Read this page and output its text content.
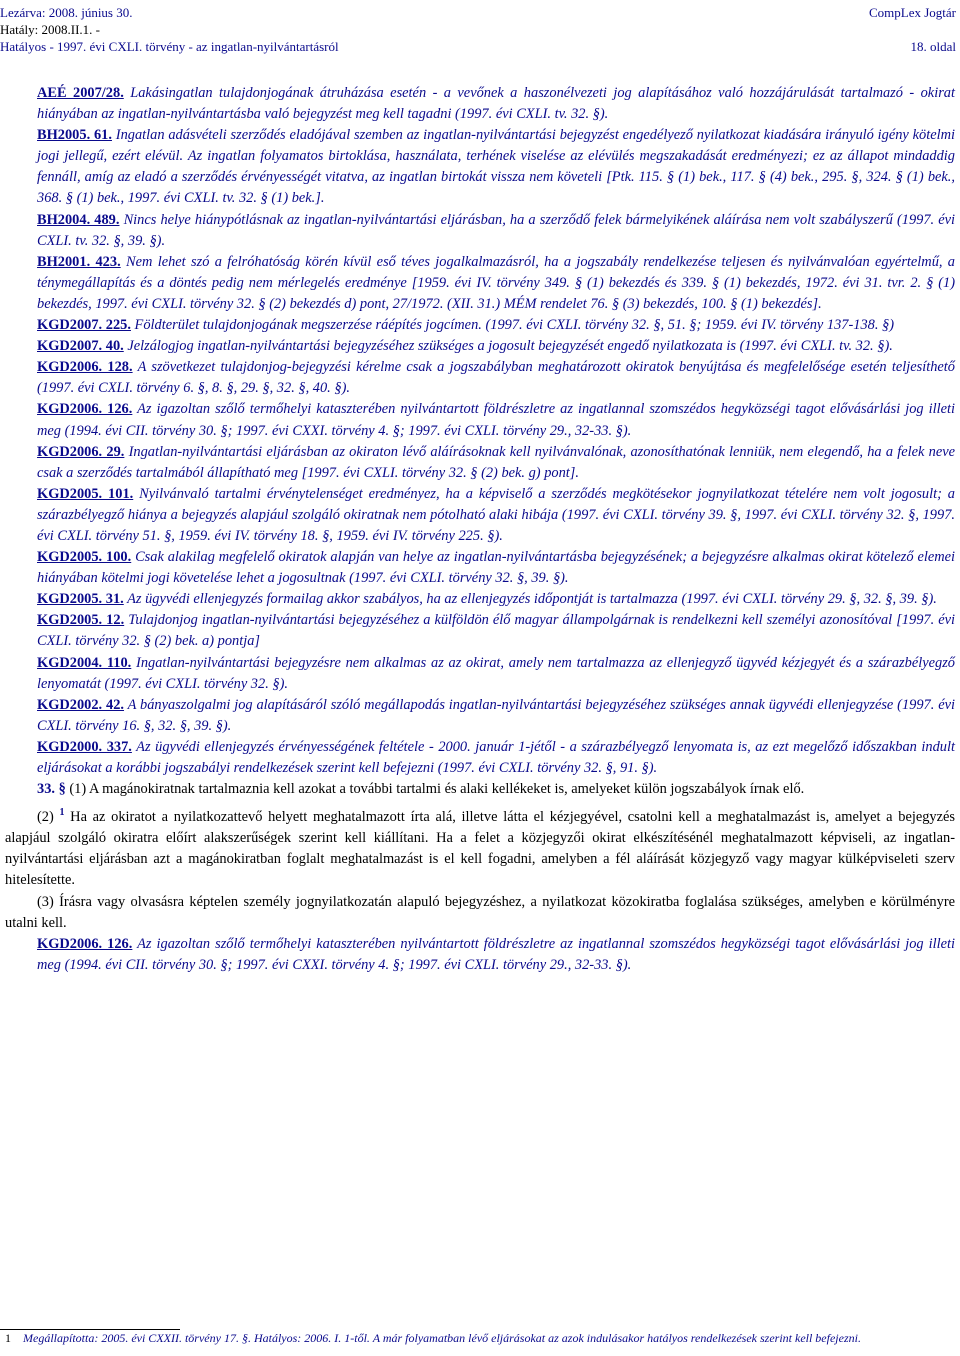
Lezárva: 2008. június 30.
Hatály: 2008.II.1. -
Hatályos - 1997. évi CXLI. törvény - az ingatlan-nyilvántartásról
CompLex Jogtár

18. oldal

AEÉ 2007/28. Lakásingatlan tulajdonjogának átruházása esetén - a vevőnek a haszonélvezeti jog alapításához való hozzájárulását tartalmazó - okirat hiányában az ingatlan-nyilvántartásba való bejegyzést meg kell tagadni (1997. évi CXLI. tv. 32. §).

BH2005. 61. Ingatlan adásvételi szerződés eladójával szemben az ingatlan-nyilvántartási bejegyzést engedélyező nyilatkozat kiadására irányuló igény kötelmi jogi jellegű, ezért elévül. Az ingatlan folyamatos birtoklása, használata, terhének viselése az elévülés megszakadását eredményezi; ez az állapot mindaddig fennáll, amíg az eladó a szerződés érvényességét vitatva, az ingatlan birtokát vissza nem követeli [Ptk. 115. § (1) bek., 117. § (4) bek., 295. §, 324. § (1) bek., 368. § (1) bek., 1997. évi CXLI. tv. 32. § (1) bek.].

BH2004. 489. Nincs helye hiánypótlásnak az ingatlan-nyilvántartási eljárásban, ha a szerződő felek bármelyikének aláírása nem volt szabályszerű (1997. évi CXLI. tv. 32. §, 39. §).

BH2001. 423. Nem lehet szó a felróhatóság körén kívül eső téves jogalkalmazásról, ha a jogszabály rendelkezése teljesen és nyilvánvalóan egyértelmű, a ténymegállapítás és a döntés pedig nem mérlegelés eredménye [1959. évi IV. törvény 349. § (1) bekezdés és 339. § (1) bekezdés, 1972. évi 31. tvr. 2. § (1) bekezdés, 1997. évi CXLI. törvény 32. § (2) bekezdés d) pont, 27/1972. (XII. 31.) MÉM rendelet 76. § (3) bekezdés, 100. § (1) bekezdés].

KGD2007. 225. Földterület tulajdonjogának megszerzése ráépítés jogcímen. (1997. évi CXLI. törvény 32. §, 51. §; 1959. évi IV. törvény 137-138. §)

KGD2007. 40. Jelzálogjog ingatlan-nyilvántartási bejegyzéséhez szükséges a jogosult bejegyzését engedő nyilatkozata is (1997. évi CXLI. tv. 32. §).

KGD2006. 128. A szövetkezet tulajdonjog-bejegyzési kérelme csak a jogszabályban meghatározott okiratok benyújtása és megfelelősége esetén teljesíthető (1997. évi CXLI. törvény 6. §, 8. §, 29. §, 32. §, 40. §).

KGD2006. 126. Az igazoltan szőlő termőhelyi kataszterében nyilvántartott földrészletre az ingatlannal szomszédos hegyközségi tagot elővásárlási jog illeti meg (1994. évi CII. törvény 30. §; 1997. évi CXXI. törvény 4. §; 1997. évi CXLI. törvény 29., 32-33. §).

KGD2006. 29. Ingatlan-nyilvántartási eljárásban az okiraton lévő aláírásoknak kell nyilvánvalónak, azonosíthatónak lenniük, nem elegendő, ha a felek neve csak a szerződés tartalmából állapítható meg [1997. évi CXLI. törvény 32. § (2) bek. g) pont].

KGD2005. 101. Nyilvánvaló tartalmi érvénytelenséget eredményez, ha a képviselő a szerződés megkötésekor jognyilatkozat tételére nem volt jogosult; a szárazbélyegző hiánya a bejegyzés alapjául szolgáló okiratnak nem pótolható alaki hibája (1997. évi CXLI. törvény 39. §, 1997. évi CXLI. törvény 32. §, 1997. évi CXLI. törvény 51. §, 1959. évi IV. törvény 18. §, 1959. évi IV. törvény 225. §).

KGD2005. 100. Csak alakilag megfelelő okiratok alapján van helye az ingatlan-nyilvántartásba bejegyzésének; a bejegyzésre alkalmas okirat kötelező elemei hiányában kötelmi jogi követelése lehet a jogosultnak (1997. évi CXLI. törvény 32. §, 39. §).

KGD2005. 31. Az ügyvédi ellenjegyzés formailag akkor szabályos, ha az ellenjegyzés időpontját is tartalmazza (1997. évi CXLI. törvény 29. §, 32. §, 39. §).

KGD2005. 12. Tulajdonjog ingatlan-nyilvántartási bejegyzéséhez a külföldön élő magyar állampolgárnak is rendelkezni kell személyi azonosítóval [1997. évi CXLI. törvény 32. § (2) bek. a) pontja]

KGD2004. 110. Ingatlan-nyilvántartási bejegyzésre nem alkalmas az az okirat, amely nem tartalmazza az ellenjegyző ügyvéd kézjegyét és a szárazbélyegző lenyomatát (1997. évi CXLI. törvény 32. §).

KGD2002. 42. A bányaszolgalmi jog alapításáról szóló megállapodás ingatlan-nyilvántartási bejegyzéséhez szükséges annak ügyvédi ellenjegyzése (1997. évi CXLI. törvény 16. §, 32. §, 39. §).

KGD2000. 337. Az ügyvédi ellenjegyzés érvényességének feltétele - 2000. január 1-jétől - a szárazbélyegző lenyomata is, az ezt megelőző időszakban indult eljárásokat a korábbi jogszabályi rendelkezések szerint kell befejezni (1997. évi CXLI. törvény 32. §, 91. §).

33. § (1) A magánokiratnak tartalmaznia kell azokat a további tartalmi és alaki kellékeket is, amelyeket külön jogszabályok írnak elő.

(2) $^1$ Ha az okiratot a nyilatkozattevő helyett meghatalmazott írta alá, illetve látta el kézjegyével, csatolni kell a meghatalmazást is, amelyet a bejegyzés alapjául szolgáló okiratra előírt alakszerűségek szerint kell kiállítani. Ha a felet a közjegyzői okirat elkészítésénél meghatalmazott képviseli, az ingatlan-nyilvántartási eljárásban azt a magánokiratban foglalt meghatalmazást is el kell fogadni, amelyben a fél aláírását közjegyző vagy magyar külképviseleti szerv hitelesítette.

(3) Írásra vagy olvasásra képtelen személy jognyilatkozatán alapuló bejegyzéshez, a nyilatkozat közokiratba foglalása szükséges, amelyben e körülményre utalni kell.

KGD2006. 126. Az igazoltan szőlő termőhelyi kataszterében nyilvántartott földrészletre az ingatlannal szomszédos hegyközségi tagot elővásárlási jog illeti meg (1994. évi CII. törvény 30. §; 1997. évi CXXI. törvény 4. §; 1997. évi CXLI. törvény 29., 32-33. §).

1 Megállapította: 2005. évi CXXII. törvény 17. §. Hatályos: 2006. I. 1-től. A már folyamatban lévő eljárásokat az azok indulásakor hatályos rendelkezések szerint kell befejezni.
